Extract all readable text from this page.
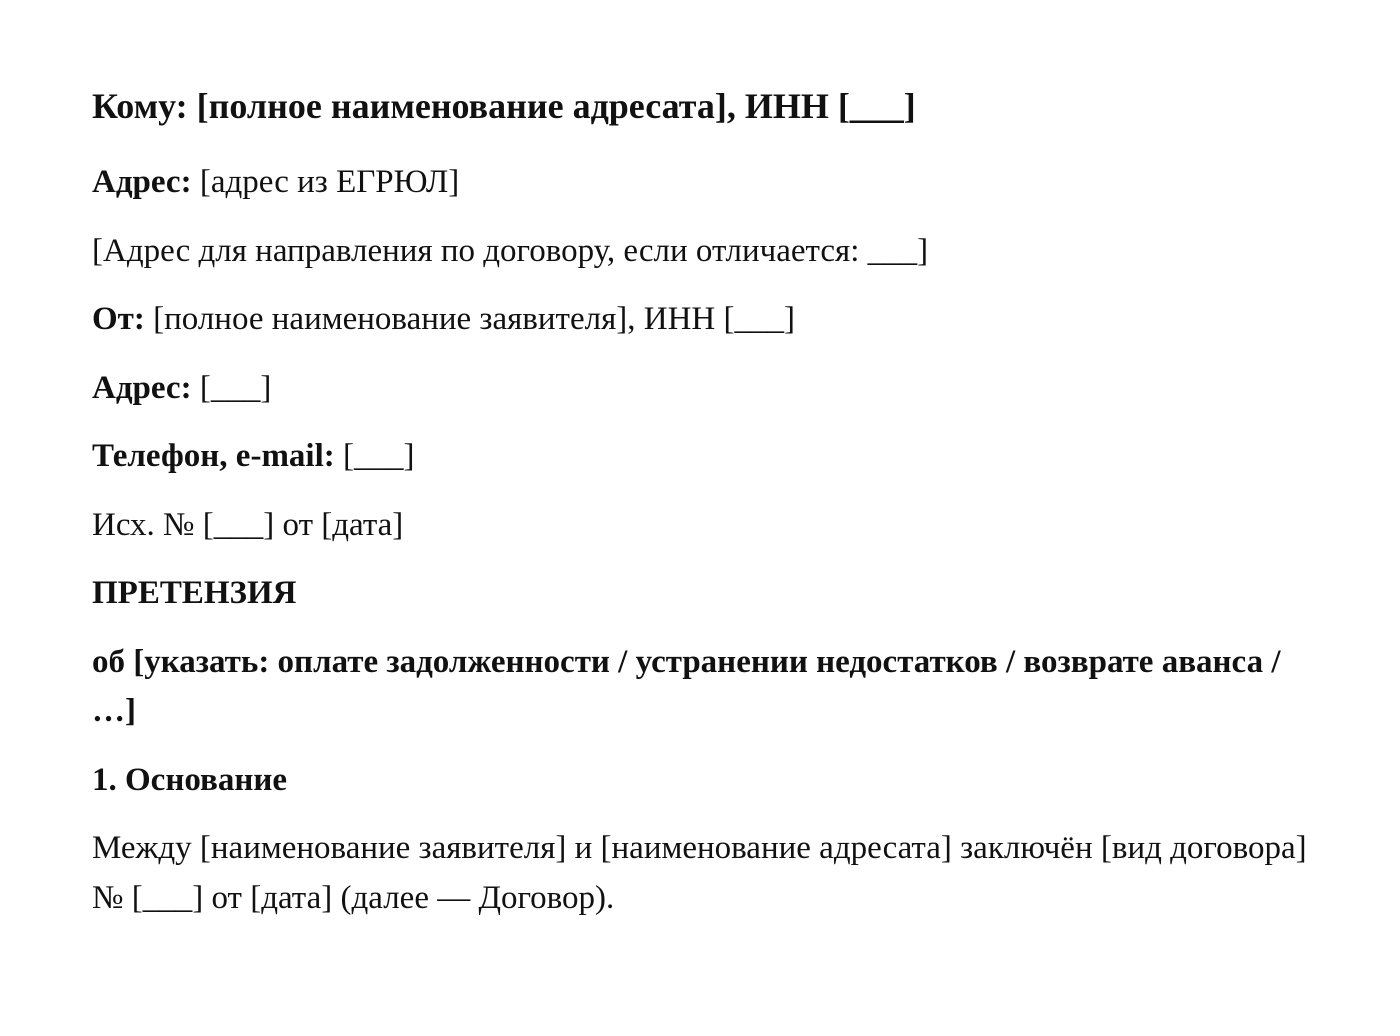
Кому: [полное наименование адресата], ИНН [___]

Адрес: [адрес из ЕГРЮЛ]

[Адрес для направления по договору, если отличается: ___]

От: [полное наименование заявителя], ИНН [___]

Адрес: [___]

Телефон, e-mail: [___]

Исх. № [___] от [дата]

ПРЕТЕНЗИЯ

об [указать: оплате задолженности / устранении недостатков / возврате аванса / …]

1. Основание

Между [наименование заявителя] и [наименование адресата] заключён [вид договора] № [___] от [дата] (далее — Договор).
